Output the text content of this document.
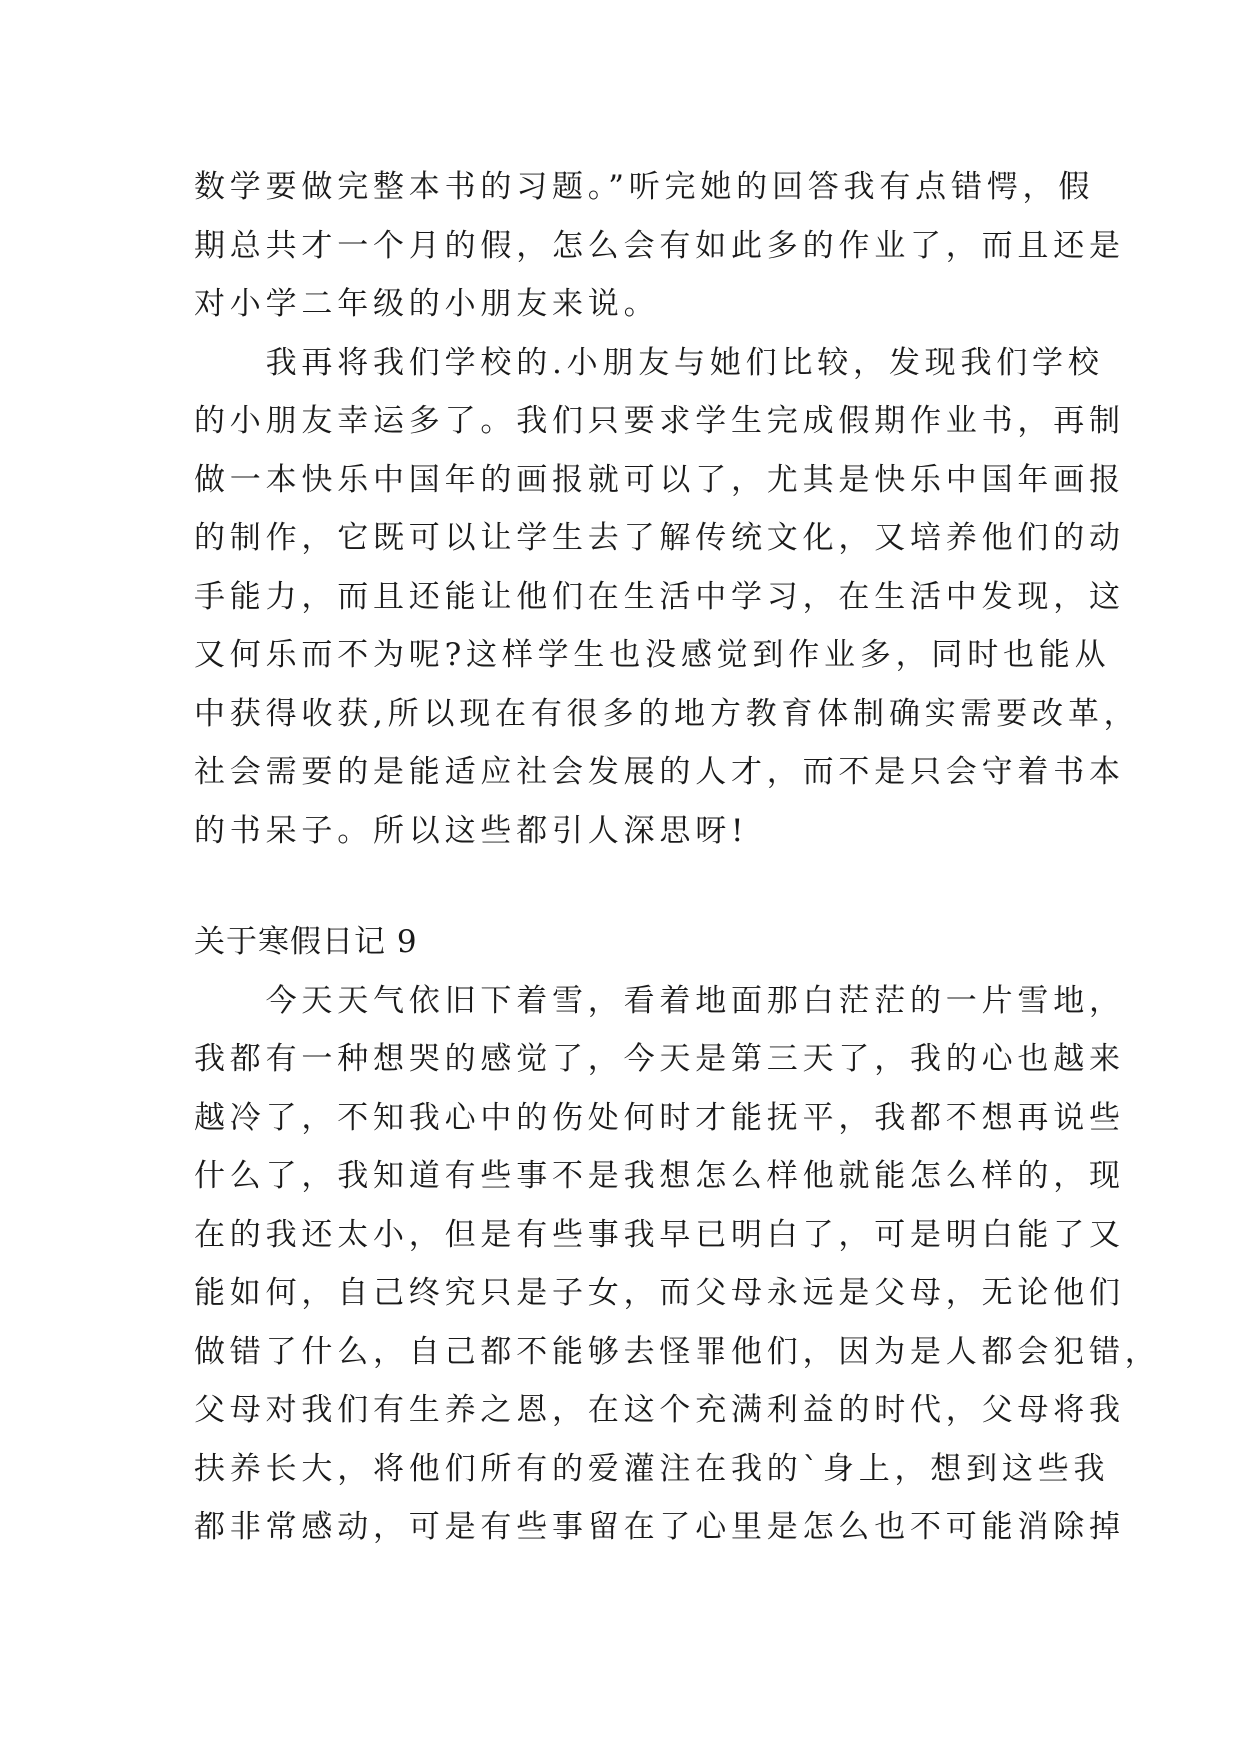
数学要做完整本书的习题。”听完她的回答我有点错愕，假
期总共才一个月的假，怎么会有如此多的作业了，而且还是
对小学二年级的小朋友来说。
　　我再将我们学校的.小朋友与她们比较，发现我们学校
的小朋友幸运多了。我们只要求学生完成假期作业书，再制
做一本快乐中国年的画报就可以了，尤其是快乐中国年画报
的制作，它既可以让学生去了解传统文化，又培养他们的动
手能力，而且还能让他们在生活中学习，在生活中发现，这
又何乐而不为呢?这样学生也没感觉到作业多，同时也能从
中获得收获,所以现在有很多的地方教育体制确实需要改革，
社会需要的是能适应社会发展的人才，而不是只会守着书本
的书呆子。所以这些都引人深思呀!
关于寒假日记 9
　　今天天气依旧下着雪，看着地面那白茫茫的一片雪地，
我都有一种想哭的感觉了，今天是第三天了，我的心也越来
越冷了，不知我心中的伤处何时才能抚平，我都不想再说些
什么了，我知道有些事不是我想怎么样他就能怎么样的，现
在的我还太小，但是有些事我早已明白了，可是明白能了又
能如何，自己终究只是子女，而父母永远是父母，无论他们
做错了什么，自己都不能够去怪罪他们，因为是人都会犯错，
父母对我们有生养之恩，在这个充满利益的时代，父母将我
扶养长大，将他们所有的爱灌注在我的`身上，想到这些我
都非常感动，可是有些事留在了心里是怎么也不可能消除掉
